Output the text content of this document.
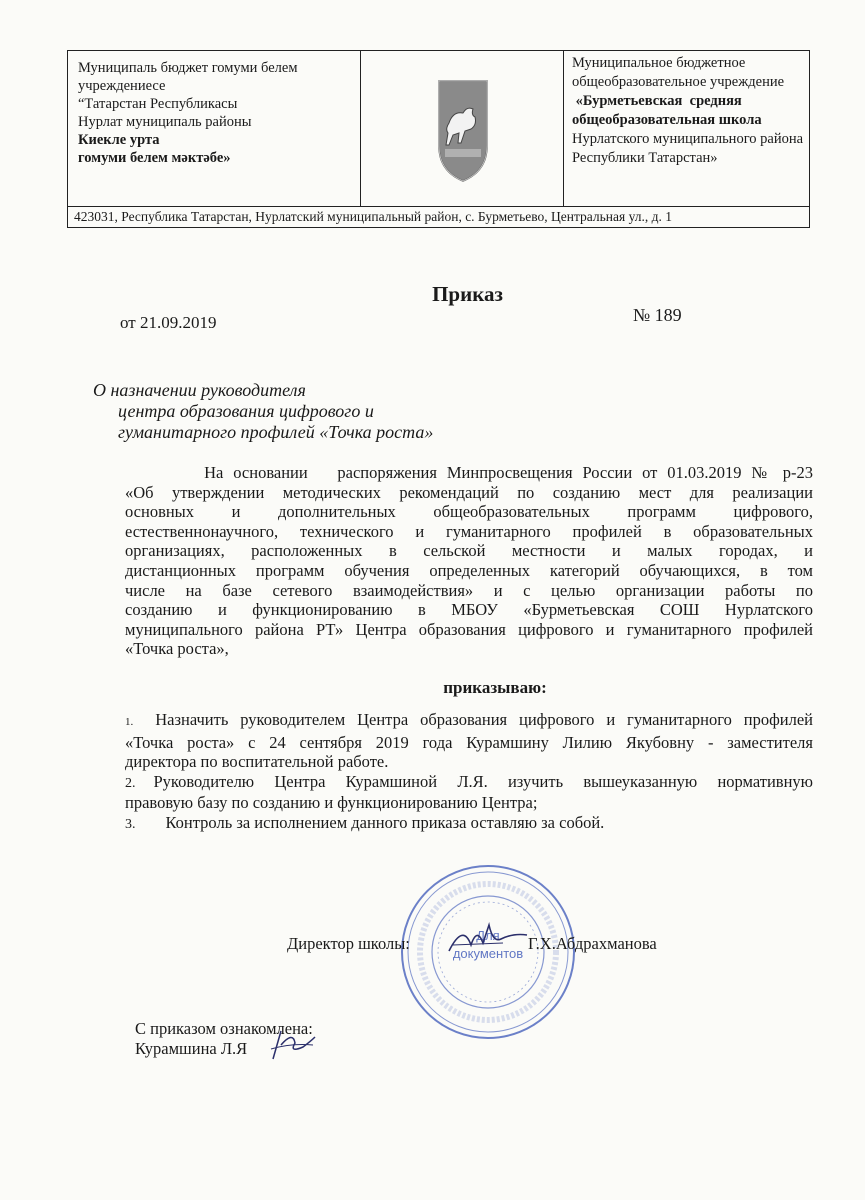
Муниципаль бюджет гомуми белем
учреждениесе
“Татарстан Республикасы
Нурлат муниципаль районы
Киекле урта
гомуми белем мәктәбе»
Муниципальное бюджетное
общеобразовательное учреждение
«Бурметьевская  средняя
общеобразовательная школа
Нурлатского муниципального района
Республики Татарстан»
423031, Республика Татарстан, Нурлатский муниципальный район, с. Бурметьево, Центральная ул., д. 1
Приказ
от 21.09.2019	№ 189
О назначении руководителя
центра образования цифрового и
гуманитарного профилей «Точка роста»
На основании   распоряжения Минпросвещения России от 01.03.2019 № р-23
«Об утверждении методических рекомендаций по созданию мест для реализации
основных и дополнительных общеобразовательных программ цифрового,
естественнонаучного, технического и гуманитарного профилей в образовательных
организациях, расположенных в сельской местности и малых городах, и
дистанционных программ обучения определенных категорий обучающихся, в том
числе на базе сетевого взаимодействия» и с целью организации работы по
созданию и функционированию в МБОУ «Бурметьевская СОШ Нурлатского
муниципального района РТ» Центра образования цифрового и гуманитарного профилей
«Точка роста»,
приказываю:
1. Назначить руководителем Центра образования цифрового и гуманитарного профилей
«Точка роста» с 24 сентября 2019 года Курамшину Лилию Якубовну - заместителя
директора по воспитательной работе.
2. Руководителю Центра Курамшиной Л.Я. изучить вышеуказанную нормативную
правовую базу по созданию и функционированию Центра;
3. Контроль за исполнением данного приказа оставляю за собой.
Для
документов
Директор школы:	Г.Х.Абдрахманова
С приказом ознакомлена:
Курамшина Л.Я
